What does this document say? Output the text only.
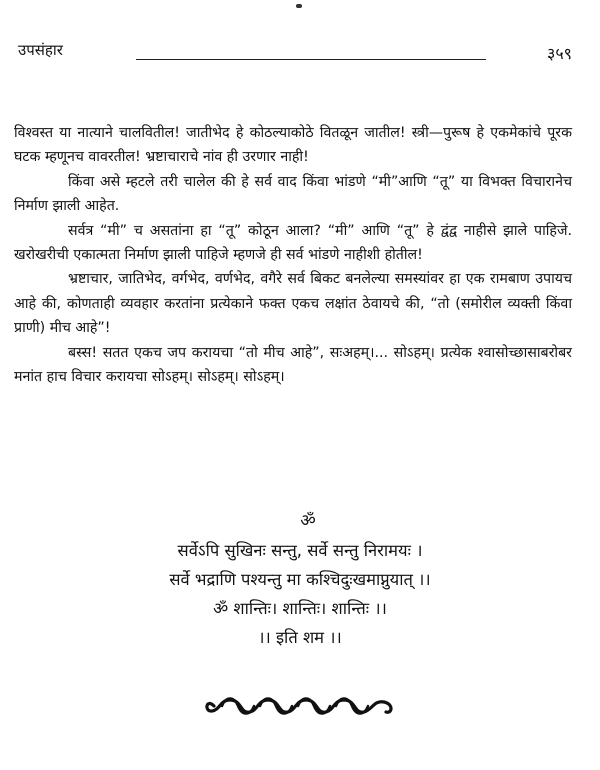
उपसंहार	३५९

विश्वस्त या नात्याने चालवितील! जातीभेद हे कोठल्याकोठे वितळून जातील! स्त्री—पुरूष हे एकमेकांचे पूरक घटक म्हणूनच वावरतील! भ्रष्टाचाराचे नांव ही उरणार नाही!

किंवा असे म्हटले तरी चालेल की हे सर्व वाद किंवा भांडणे “मी”आणि “तू” या विभक्त विचारानेच निर्माण झाली आहेत.

सर्वत्र “मी” च असतांना हा “तू” कोठून आला? “मी” आणि “तू” हे द्वंद्व नाहीसे झाले पाहिजे. खरोखरीची एकात्मता निर्माण झाली पाहिजे म्हणजे ही सर्व भांडणे नाहीशी होतील!

भ्रष्टाचार, जातिभेद, वर्गभेद, वर्णभेद, वगैरे सर्व बिकट बनलेल्या समस्यांवर हा एक रामबाण उपायच आहे की, कोणताही व्यवहार करतांना प्रत्येकाने फक्त एकच लक्षांत ठेवायचे की, “तो (समोरील व्यक्ती किंवा प्राणी) मीच आहे”!

बस्स! सतत एकच जप करायचा “तो मीच आहे”, सःअहम्।... सोऽहम्। प्रत्येक श्वासोच्छासाबरोबर मनांत हाच विचार करायचा सोऽहम्। सोऽहम्। सोऽहम्।

ॐ
सर्वेऽपि सुखिनः सन्तु, सर्वे सन्तु निरामयः ।
सर्वे भद्राणि पश्यन्तु मा कश्चिदुःखमाप्नुयात् ।।
ॐ शान्तिः। शान्तिः। शान्तिः ।।
।। इति शम ।।
